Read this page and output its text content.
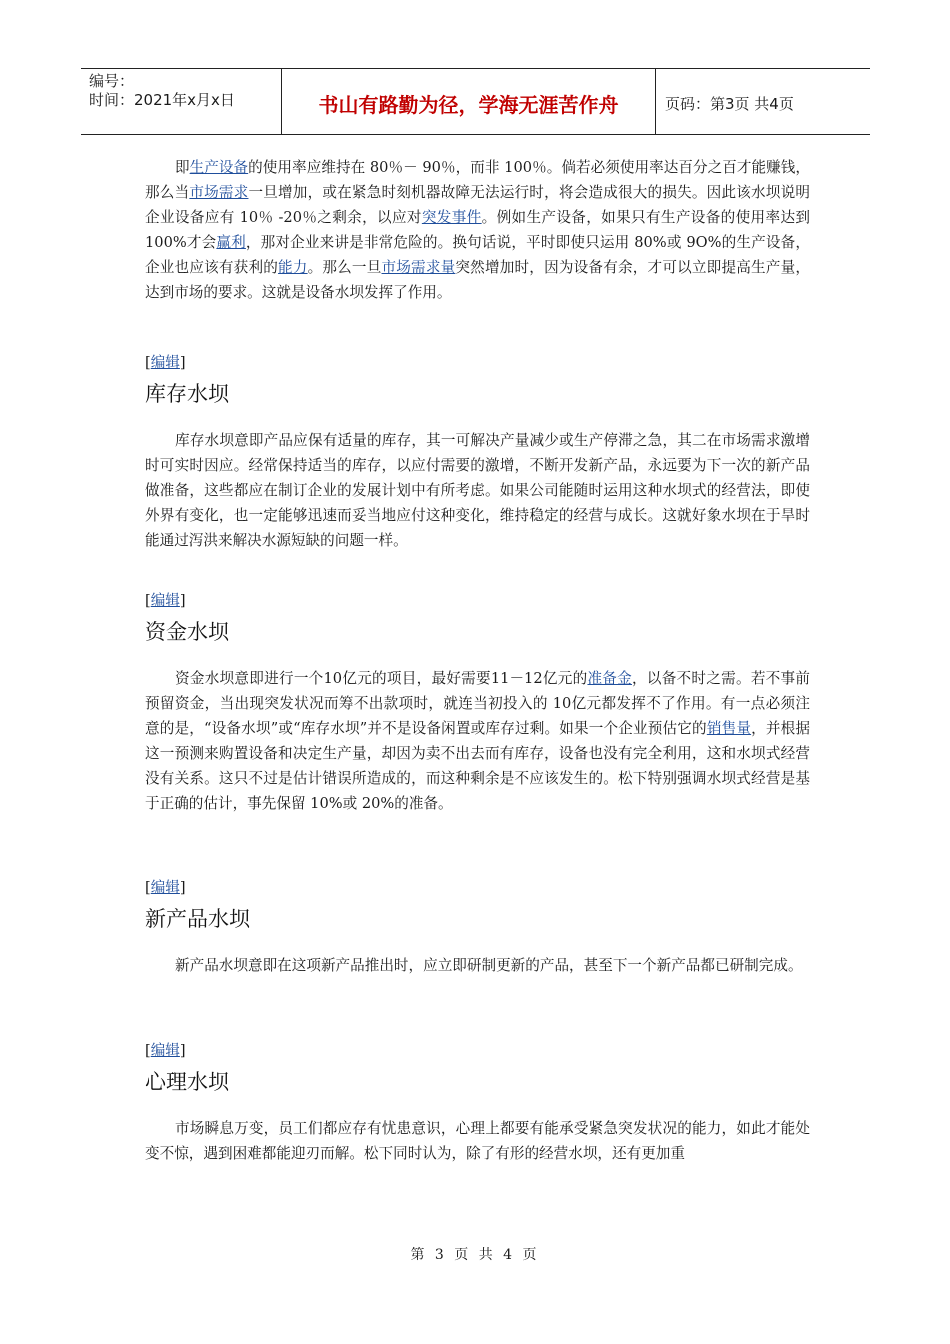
编号：
时间：2021年x月x日	书山有路勤为径，学海无涯苦作舟	页码：第3页 共4页

即生产设备的使用率应维持在 80％－ 90％，而非 100％。倘若必须使用率达百分之百才能赚钱，那么当市场需求一旦增加，或在紧急时刻机器故障无法运行时，将会造成很大的损失。因此该水坝说明企业设备应有 10％ -20％之剩余，以应对突发事件。例如生产设备，如果只有生产设备的使用率达到100%才会赢利，那对企业来讲是非常危险的。换句话说，平时即使只运用 80%或 9O%的生产设备，企业也应该有获利的能力。那么一旦市场需求量突然增加时，因为设备有余，才可以立即提高生产量，达到市场的要求。这就是设备水坝发挥了作用。

[编辑]
库存水坝

库存水坝意即产品应保有适量的库存，其一可解决产量减少或生产停滞之急，其二在市场需求激增时可实时因应。经常保持适当的库存，以应付需要的激增，不断开发新产品，永远要为下一次的新产品做准备，这些都应在制订企业的发展计划中有所考虑。如果公司能随时运用这种水坝式的经营法，即使外界有变化，也一定能够迅速而妥当地应付这种变化，维持稳定的经营与成长。这就好象水坝在于旱时能通过泻洪来解决水源短缺的问题一样。

[编辑]
资金水坝

资金水坝意即进行一个10亿元的项目，最好需要11－12亿元的准备金，以备不时之需。若不事前预留资金，当出现突发状况而筹不出款项时，就连当初投入的 10亿元都发挥不了作用。有一点必须注意的是，“设备水坝”或“库存水坝”并不是设备闲置或库存过剩。如果一个企业预估它的销售量，并根据这一预测来购置设备和决定生产量，却因为卖不出去而有库存，设备也没有完全利用，这和水坝式经营没有关系。这只不过是估计错误所造成的，而这种剩余是不应该发生的。松下特别强调水坝式经营是基于正确的估计，事先保留 10%或 20%的准备。

[编辑]
新产品水坝

新产品水坝意即在这项新产品推出时，应立即研制更新的产品，甚至下一个新产品都已研制完成。

[编辑]
心理水坝

市场瞬息万变，员工们都应存有忧患意识，心理上都要有能承受紧急突发状况的能力，如此才能处变不惊，遇到困难都能迎刃而解。松下同时认为，除了有形的经营水坝，还有更加重

第 3 页 共 4 页
